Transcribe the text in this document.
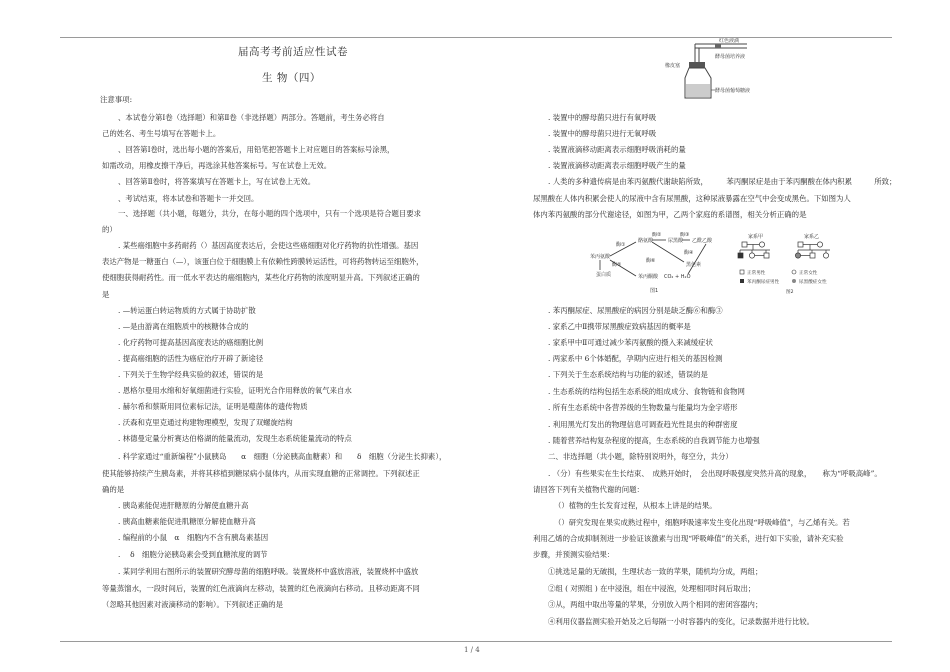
届高考考前适应性试卷
生 物（四）
注意事项:
、本试卷分第Ⅰ卷（选择题）和第Ⅱ卷（非选择题）两部分。答题前，考生务必将自
己的姓名、考生号填写在答题卡上。
、回答第Ⅰ卷时，选出每小题的答案后，用铅笔把答题卡上对应题目的答案标号涂黑，
如需改动，用橡皮擦干净后，再选涂其他答案标号。写在试卷上无效。
、回答第Ⅱ卷时，将答案填写在答题卡上，写在试卷上无效。
、考试结束，将本试卷和答题卡一并交回。
一、选择题（共小题，每题分，共分，在每小题的四个选项中，只有一个选项是符合题目要求
的）
. 某些癌细胞中多药耐药（）基因高度表达后，会使这些癌细胞对化疗药物的抗性增强。基因
表达产物是一糖蛋白（—），该蛋白位于细胞膜上有依赖性跨膜转运活性，可将药物转运至细胞外，
使细胞获得耐药性。而一低水平表达的癌细胞内，某些化疗药物的浓度明显升高。下列叙述正确的
是
. —转运蛋白转运物质的方式属于协助扩散
. —是由游离在细胞质中的核糖体合成的
. 化疗药物可提高基因高度表达的癌细胞比例
. 提高癌细胞的活性为癌症治疗开辟了新途径
. 下列关于生物学经典实验的叙述，错误的是
. 恩格尔曼用水绵和好氧细菌进行实验，证明光合作用释放的氧气来自水
. 赫尔希和蔡斯用同位素标记法，证明是噬菌体的遗传物质
. 沃森和克里克通过构建物理模型，发现了双螺旋结构
. 林德曼定量分析赛达伯格湖的能量流动，发现生态系统能量流动的特点
. 科学家通过“重新编程”小鼠胰岛　　α　细胞（分泌胰高血糖素）和　　δ　细胞（分泌生长抑素），
使其能够持续产生胰岛素，并将其移植到糖尿病小鼠体内，从而实现血糖的正常调控。下列叙述正
确的是
. 胰岛素能促进肝糖原的分解使血糖升高
. 胰高血糖素能促进肌糖原分解使血糖升高
. 编程前的小鼠　α　细胞内不含有胰岛素基因
. 　δ　细胞分泌胰岛素会受到血糖浓度的调节
. 某同学利用右图所示的装置研究酵母菌的细胞呼吸。装置烧杯中盛放溶液，装置烧杯中盛放
等量蒸馏水，一段时间后，装置的红色液滴向左移动，装置的红色液滴向右移动。且移动距离不同
（忽略其他因素对液滴移动的影响）。下列叙述正确的是
. 装置中的酵母菌只进行有氧呼吸
. 装置中的酵母菌只进行无氧呼吸
. 装置液滴移动距离表示细胞呼吸消耗的量
. 装置液滴移动距离表示细胞呼吸产生的量
. 人类的多种遗传病是由苯丙氨酸代谢缺陷所致，　　　苯丙酮尿症是由于苯丙酮酸在体内积累　　　所致；
尿黑酸在人体内积累会使人的尿液中含有尿黑酸，这种尿液暴露在空气中会变成黑色。下如图为人
体内苯丙氨酸的部分代谢途径，如图为甲，乙两个家庭的系谱图，相关分析正确的是
. 苯丙酮尿症、尿黑酸症的病因分别是缺乏酶⑥和酶③
. 家系乙中Ⅱ携带尿黑酸症致病基因的概率是
. 家系甲中Ⅱ可通过减少苯丙氨酸的摄入来减缓症状
. 两家系中 6个体婚配，孕期内应进行相关的基因检测
. 下列关于生态系统结构与功能的叙述，错误的是
. 生态系统的结构包括生态系统的组成成分、食物链和食物网
. 所有生态系统中各营养级的生物数量与能量均为金字塔形
. 利用黑光灯发出的物理信息可调查趋光性昆虫的种群密度
. 随着营养结构复杂程度的提高，生态系统的自我调节能力也增强
二、非选择题（共小题，除特别说明外，每空分，共分）
. （分）有些果实在生长结束、　成熟开始时，　会出现呼吸强度突然升高的现象，　　称为“呼吸高峰”。
请回答下列有关植物代谢的问题：
（）植物的生长发育过程，从根本上讲是的结果。
（）研究发现在果实成熟过程中，细胞呼吸速率发生变化出现“呼吸峰值”，与乙烯有关。若
利用乙烯的合成抑制剂进一步验证该激素与出现“呼吸峰值”的关系，进行如下实验，请补充实验
步骤，并预测实验结果：
①挑选足量的无破损，生理状态一致的苹果，随机均分成，两组；
②组 ( 对照组 ) 在中浸泡，组在中浸泡，处理相同时间后取出；
③从，两组中取出等量的苹果，分别放入两个相同的密闭容器内；
④利用仪器监测实验开始及之后每隔一小时容器内的变化，记录数据并进行比较。
红色液滴
橡皮塞
酵母菌培养液
酵母菌葡萄糖液
苯丙氨酸
蛋白质
酪氨酸
黑色素
苯丙酮酸
尿黑酸 乙酰乙酸
CO₂ + H₂O
酶①
酶②	酶③
酶④
酶⑤
酶⑥
图1
家系甲	家系乙
正常男性	正常女性
苯丙酮尿症男性	尿黑酸症女性
图2
1 / 4
